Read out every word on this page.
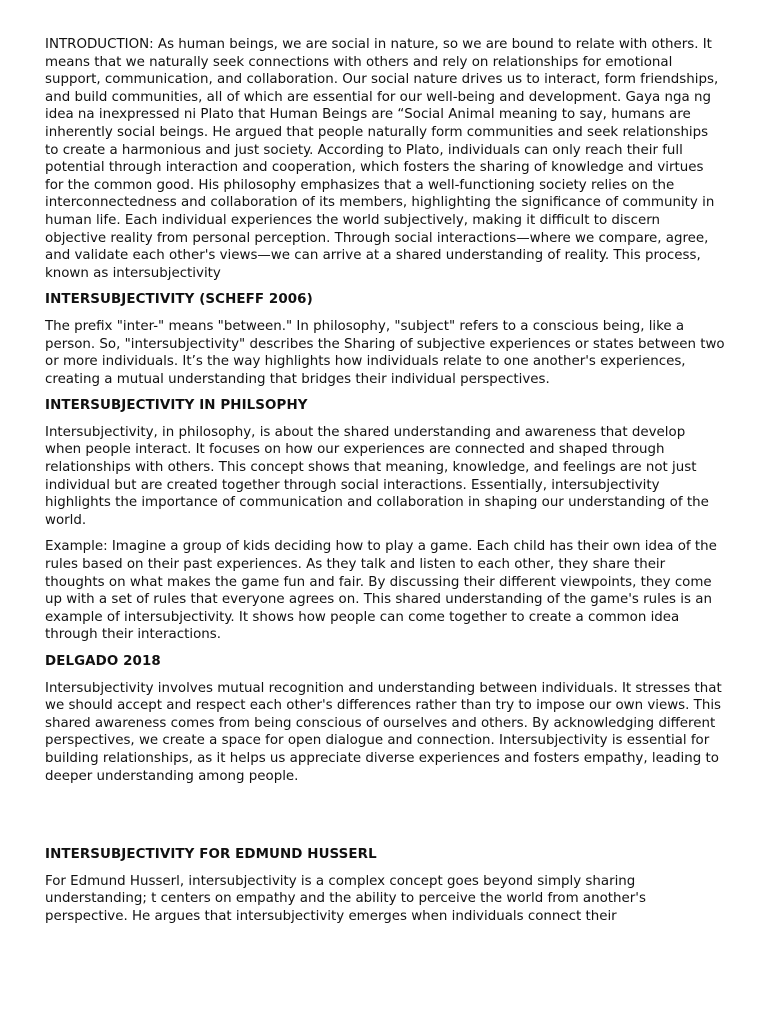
INTRODUCTION: As human beings, we are social in nature, so we are bound to relate with others. It means that we naturally seek connections with others and rely on relationships for emotional support, communication, and collaboration. Our social nature drives us to interact, form friendships, and build communities, all of which are essential for our well-being and development. Gaya nga ng idea na inexpressed ni Plato that Human Beings are “Social Animal meaning to say, humans are inherently social beings. He argued that people naturally form communities and seek relationships to create a harmonious and just society. According to Plato, individuals can only reach their full potential through interaction and cooperation, which fosters the sharing of knowledge and virtues for the common good. His philosophy emphasizes that a well-functioning society relies on the interconnectedness and collaboration of its members, highlighting the significance of community in human life. Each individual experiences the world subjectively, making it difficult to discern objective reality from personal perception. Through social interactions—where we compare, agree, and validate each other's views—we can arrive at a shared understanding of reality. This process, known as intersubjectivity

INTERSUBJECTIVITY (SCHEFF 2006)

The prefix "inter-" means "between." In philosophy, "subject" refers to a conscious being, like a person. So, "intersubjectivity" describes the Sharing of subjective experiences or states between two or more individuals. It’s the way highlights how individuals relate to one another's experiences, creating a mutual understanding that bridges their individual perspectives.

INTERSUBJECTIVITY IN PHILSOPHY

Intersubjectivity, in philosophy, is about the shared understanding and awareness that develop when people interact. It focuses on how our experiences are connected and shaped through relationships with others. This concept shows that meaning, knowledge, and feelings are not just individual but are created together through social interactions. Essentially, intersubjectivity highlights the importance of communication and collaboration in shaping our understanding of the world.

Example: Imagine a group of kids deciding how to play a game. Each child has their own idea of the rules based on their past experiences. As they talk and listen to each other, they share their thoughts on what makes the game fun and fair. By discussing their different viewpoints, they come up with a set of rules that everyone agrees on. This shared understanding of the game's rules is an example of intersubjectivity. It shows how people can come together to create a common idea through their interactions.

DELGADO 2018

Intersubjectivity involves mutual recognition and understanding between individuals. It stresses that we should accept and respect each other's differences rather than try to impose our own views. This shared awareness comes from being conscious of ourselves and others. By acknowledging different perspectives, we create a space for open dialogue and connection. Intersubjectivity is essential for building relationships, as it helps us appreciate diverse experiences and fosters empathy, leading to deeper understanding among people.

INTERSUBJECTIVITY FOR EDMUND HUSSERL

For Edmund Husserl, intersubjectivity is a complex concept goes beyond simply sharing understanding; t centers on empathy and the ability to perceive the world from another's perspective. He argues that intersubjectivity emerges when individuals connect their
